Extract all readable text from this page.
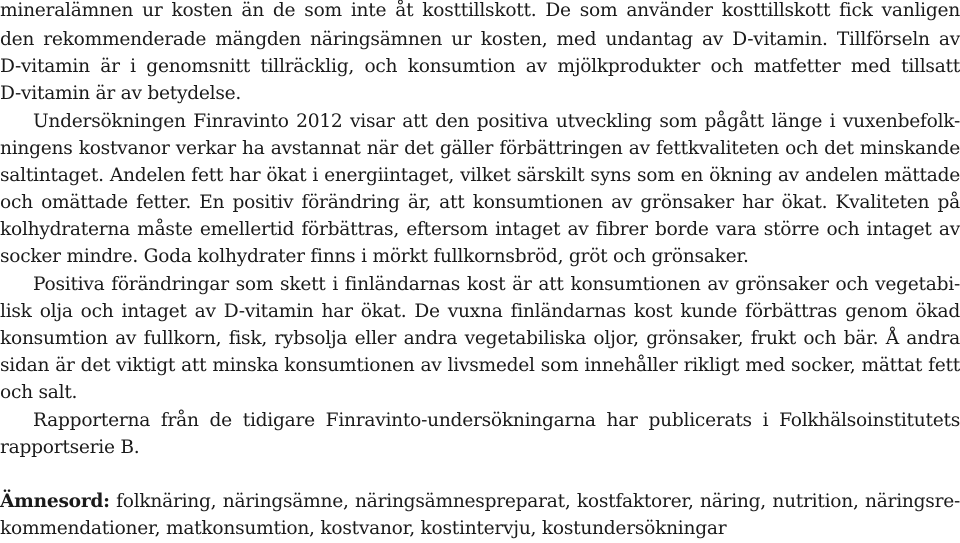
mineralämnen ur kosten än de som inte åt kosttillskott. De som använder kosttillskott fick vanligen
den rekommenderade mängden näringsämnen ur kosten, med undantag av D-vitamin. Tillförseln av
D-vitamin är i genomsnitt tillräcklig, och konsumtion av mjölkprodukter och matfetter med tillsatt
D-vitamin är av betydelse.
Undersökningen Finravinto 2012 visar att den positiva utveckling som pågått länge i vuxenbefolk-
ningens kostvanor verkar ha avstannat när det gäller förbättringen av fettkvaliteten och det minskande
saltintaget. Andelen fett har ökat i energiintaget, vilket särskilt syns som en ökning av andelen mättade
och omättade fetter. En positiv förändring är, att konsumtionen av grönsaker har ökat. Kvaliteten på
kolhydraterna måste emellertid förbättras, eftersom intaget av fibrer borde vara större och intaget av
socker mindre. Goda kolhydrater finns i mörkt fullkornsbröd, gröt och grönsaker.
Positiva förändringar som skett i finländarnas kost är att konsumtionen av grönsaker och vegetabi-
lisk olja och intaget av D-vitamin har ökat. De vuxna finländarnas kost kunde förbättras genom ökad
konsumtion av fullkorn, fisk, rybsolja eller andra vegetabiliska oljor, grönsaker, frukt och bär. Å andra
sidan är det viktigt att minska konsumtionen av livsmedel som innehåller rikligt med socker, mättat fett
och salt.
Rapporterna från de tidigare Finravinto-undersökningarna har publicerats i Folkhälsoinstitutets
rapportserie B.
Ämnesord: folknäring, näringsämne, näringsämnespreparat, kostfaktorer, näring, nutrition, näringsre-
kommendationer, matkonsumtion, kostvanor, kostintervju, kostundersökningar
